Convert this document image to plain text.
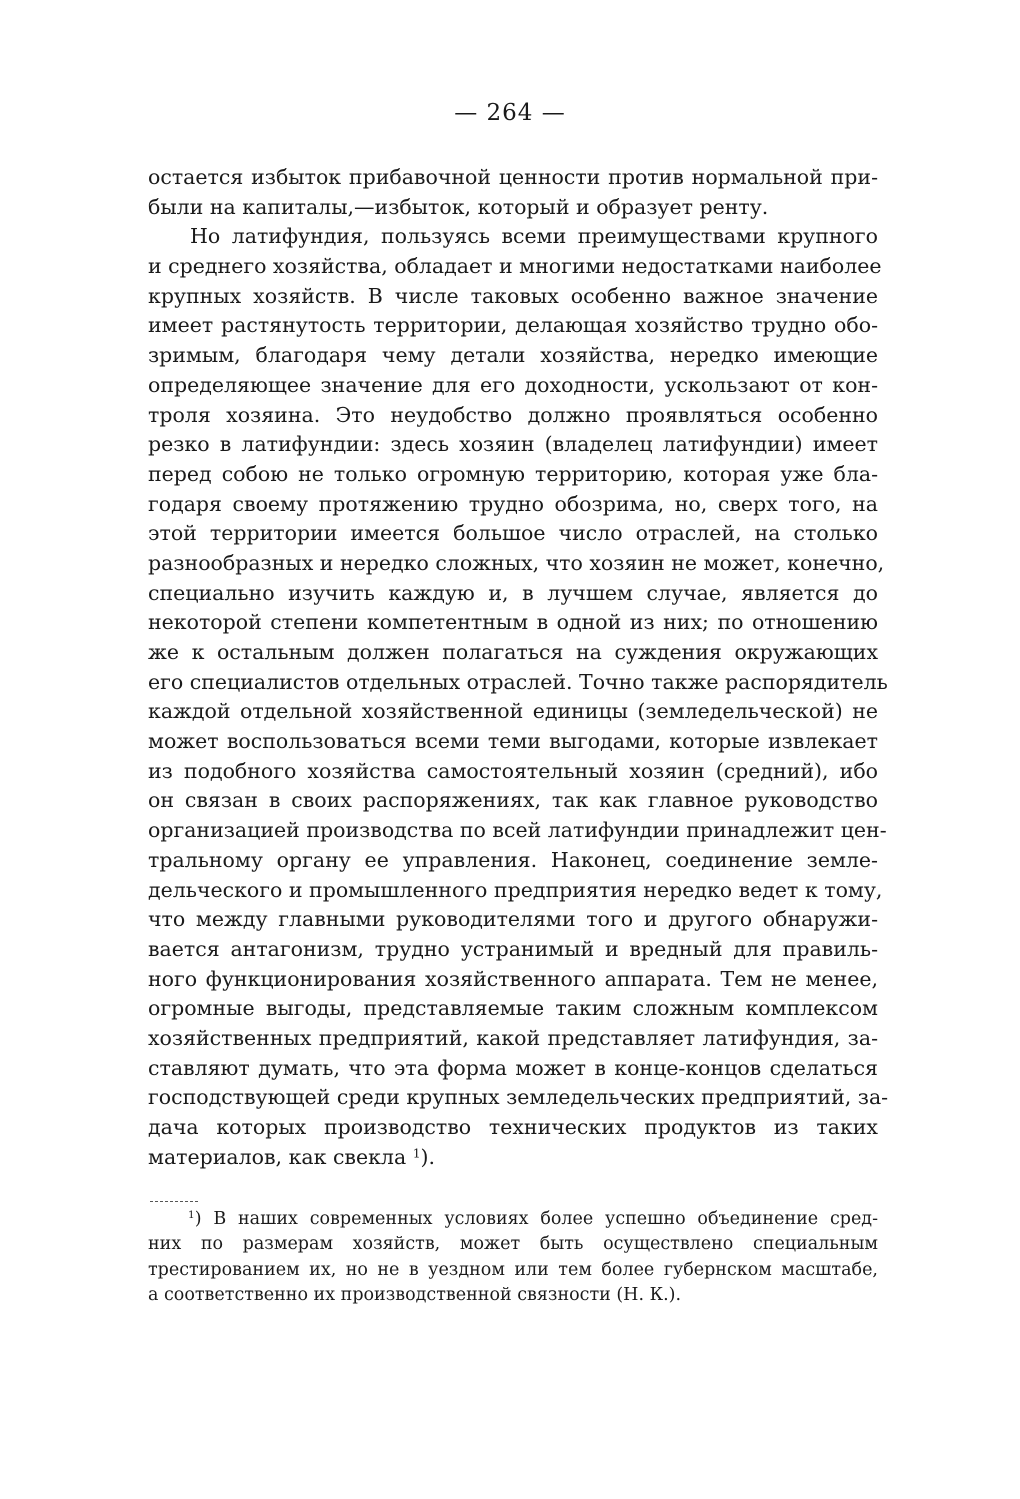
— 264 —
остается избыток прибавочной ценности против нормальной при-
были на капиталы,—избыток, который и образует ренту.
Но латифундия, пользуясь всеми преимуществами крупного
и среднего хозяйства, обладает и многими недостатками наиболее
крупных хозяйств. В числе таковых особенно важное значение
имеет растянутость территории, делающая хозяйство трудно обо-
зримым, благодаря чему детали хозяйства, нередко имеющие
определяющее значение для его доходности, ускользают от кон-
троля хозяина. Это неудобство должно проявляться особенно
резко в латифундии: здесь хозяин (владелец латифундии) имеет
перед собою не только огромную территорию, которая уже бла-
годаря своему протяжению трудно обозрима, но, сверх того, на
этой территории имеется большое число отраслей, на столько
разнообразных и нередко сложных, что хозяин не может, конечно,
специально изучить каждую и, в лучшем случае, является до
некоторой степени компетентным в одной из них; по отношению
же к остальным должен полагаться на суждения окружающих
его специалистов отдельных отраслей. Точно также распорядитель
каждой отдельной хозяйственной единицы (земледельческой) не
может воспользоваться всеми теми выгодами, которые извлекает
из подобного хозяйства самостоятельный хозяин (средний), ибо
он связан в своих распоряжениях, так как главное руководство
организацией производства по всей латифундии принадлежит цен-
тральному органу ее управления. Наконец, соединение земле-
дельческого и промышленного предприятия нередко ведет к тому,
что между главными руководителями того и другого обнаружи-
вается антагонизм, трудно устранимый и вредный для правиль-
ного функционирования хозяйственного аппарата. Тем не менее,
огромные выгоды, представляемые таким сложным комплексом
хозяйственных предприятий, какой представляет латифундия, за-
ставляют думать, что эта форма может в конце-концов сделаться
господствующей среди крупных земледельческих предприятий, за-
дача которых производство технических продуктов из таких
материалов, как свекла $^1$).
$^1$) В наших современных условиях более успешно объединение сред-
них по размерам хозяйств, может быть осуществлено специальным
трестированием их, но не в уездном или тем более губернском масштабе,
а соответственно их производственной связности (Н. К.).
